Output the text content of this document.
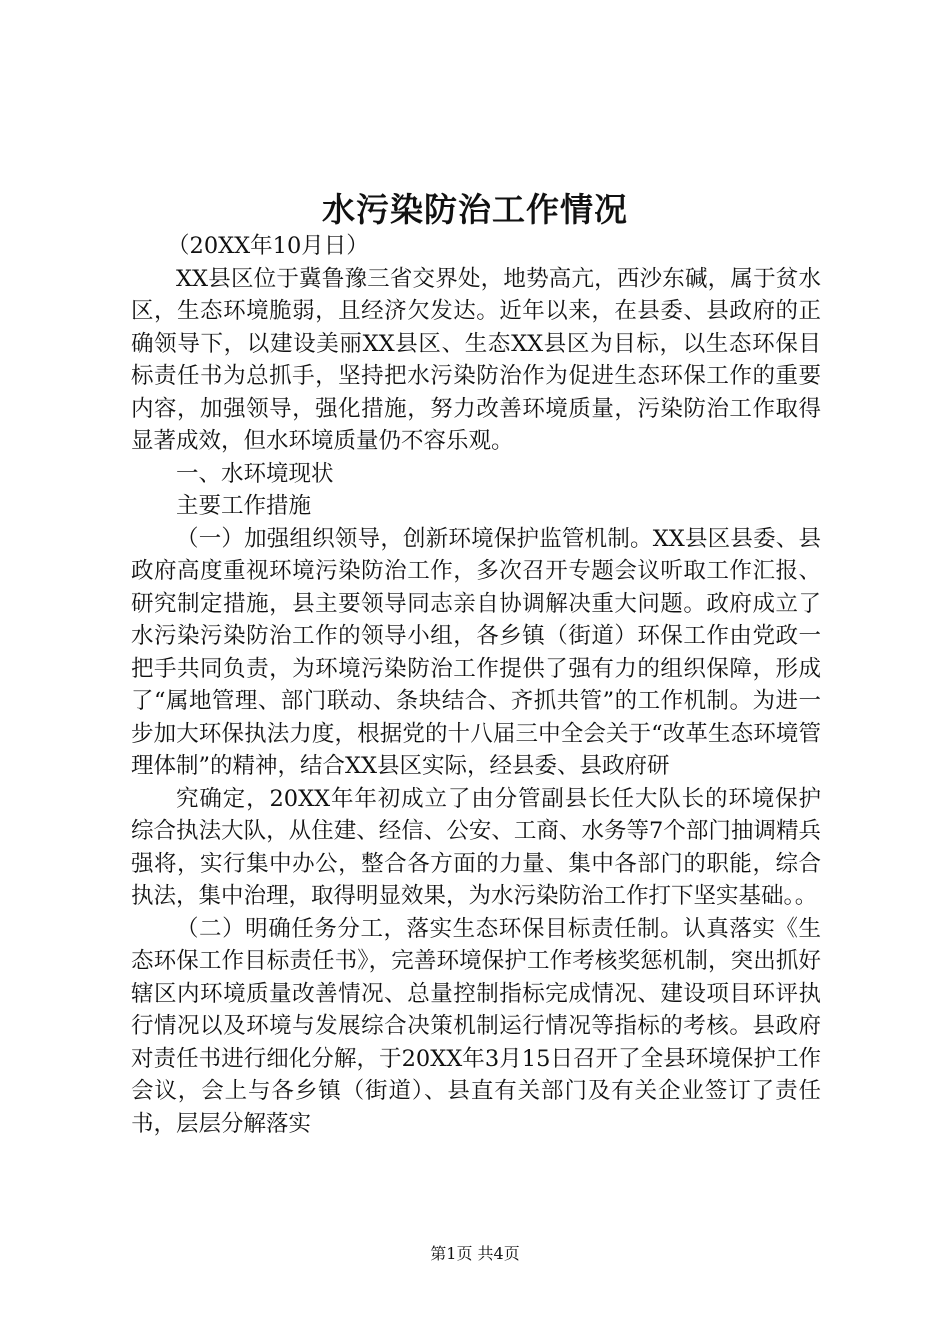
水污染防治工作情况

（20XX年10月日）

XX县区位于冀鲁豫三省交界处，地势高亢，西沙东碱，属于贫水区，生态环境脆弱，且经济欠发达。近年以来，在县委、县政府的正确领导下，以建设美丽XX县区、生态XX县区为目标，以生态环保目标责任书为总抓手，坚持把水污染防治作为促进生态环保工作的重要内容，加强领导，强化措施，努力改善环境质量，污染防治工作取得显著成效，但水环境质量仍不容乐观。

一、水环境现状

主要工作措施

（一）加强组织领导，创新环境保护监管机制。XX县区县委、县政府高度重视环境污染防治工作，多次召开专题会议听取工作汇报、研究制定措施，县主要领导同志亲自协调解决重大问题。政府成立了水污染污染防治工作的领导小组，各乡镇（街道）环保工作由党政一把手共同负责，为环境污染防治工作提供了强有力的组织保障，形成了“属地管理、部门联动、条块结合、齐抓共管”的工作机制。为进一步加大环保执法力度，根据党的十八届三中全会关于“改革生态环境管理体制”的精神，结合XX县区实际，经县委、县政府研

究确定，20XX年年初成立了由分管副县长任大队长的环境保护综合执法大队，从住建、经信、公安、工商、水务等7个部门抽调精兵强将，实行集中办公，整合各方面的力量、集中各部门的职能，综合执法，集中治理，取得明显效果，为水污染防治工作打下坚实基础。。

（二）明确任务分工，落实生态环保目标责任制。认真落实《生态环保工作目标责任书》，完善环境保护工作考核奖惩机制，突出抓好辖区内环境质量改善情况、总量控制指标完成情况、建设项目环评执行情况以及环境与发展综合决策机制运行情况等指标的考核。县政府对责任书进行细化分解，于20XX年3月15日召开了全县环境保护工作会议，会上与各乡镇（街道）、县直有关部门及有关企业签订了责任书，层层分解落实

第1页 共4页
